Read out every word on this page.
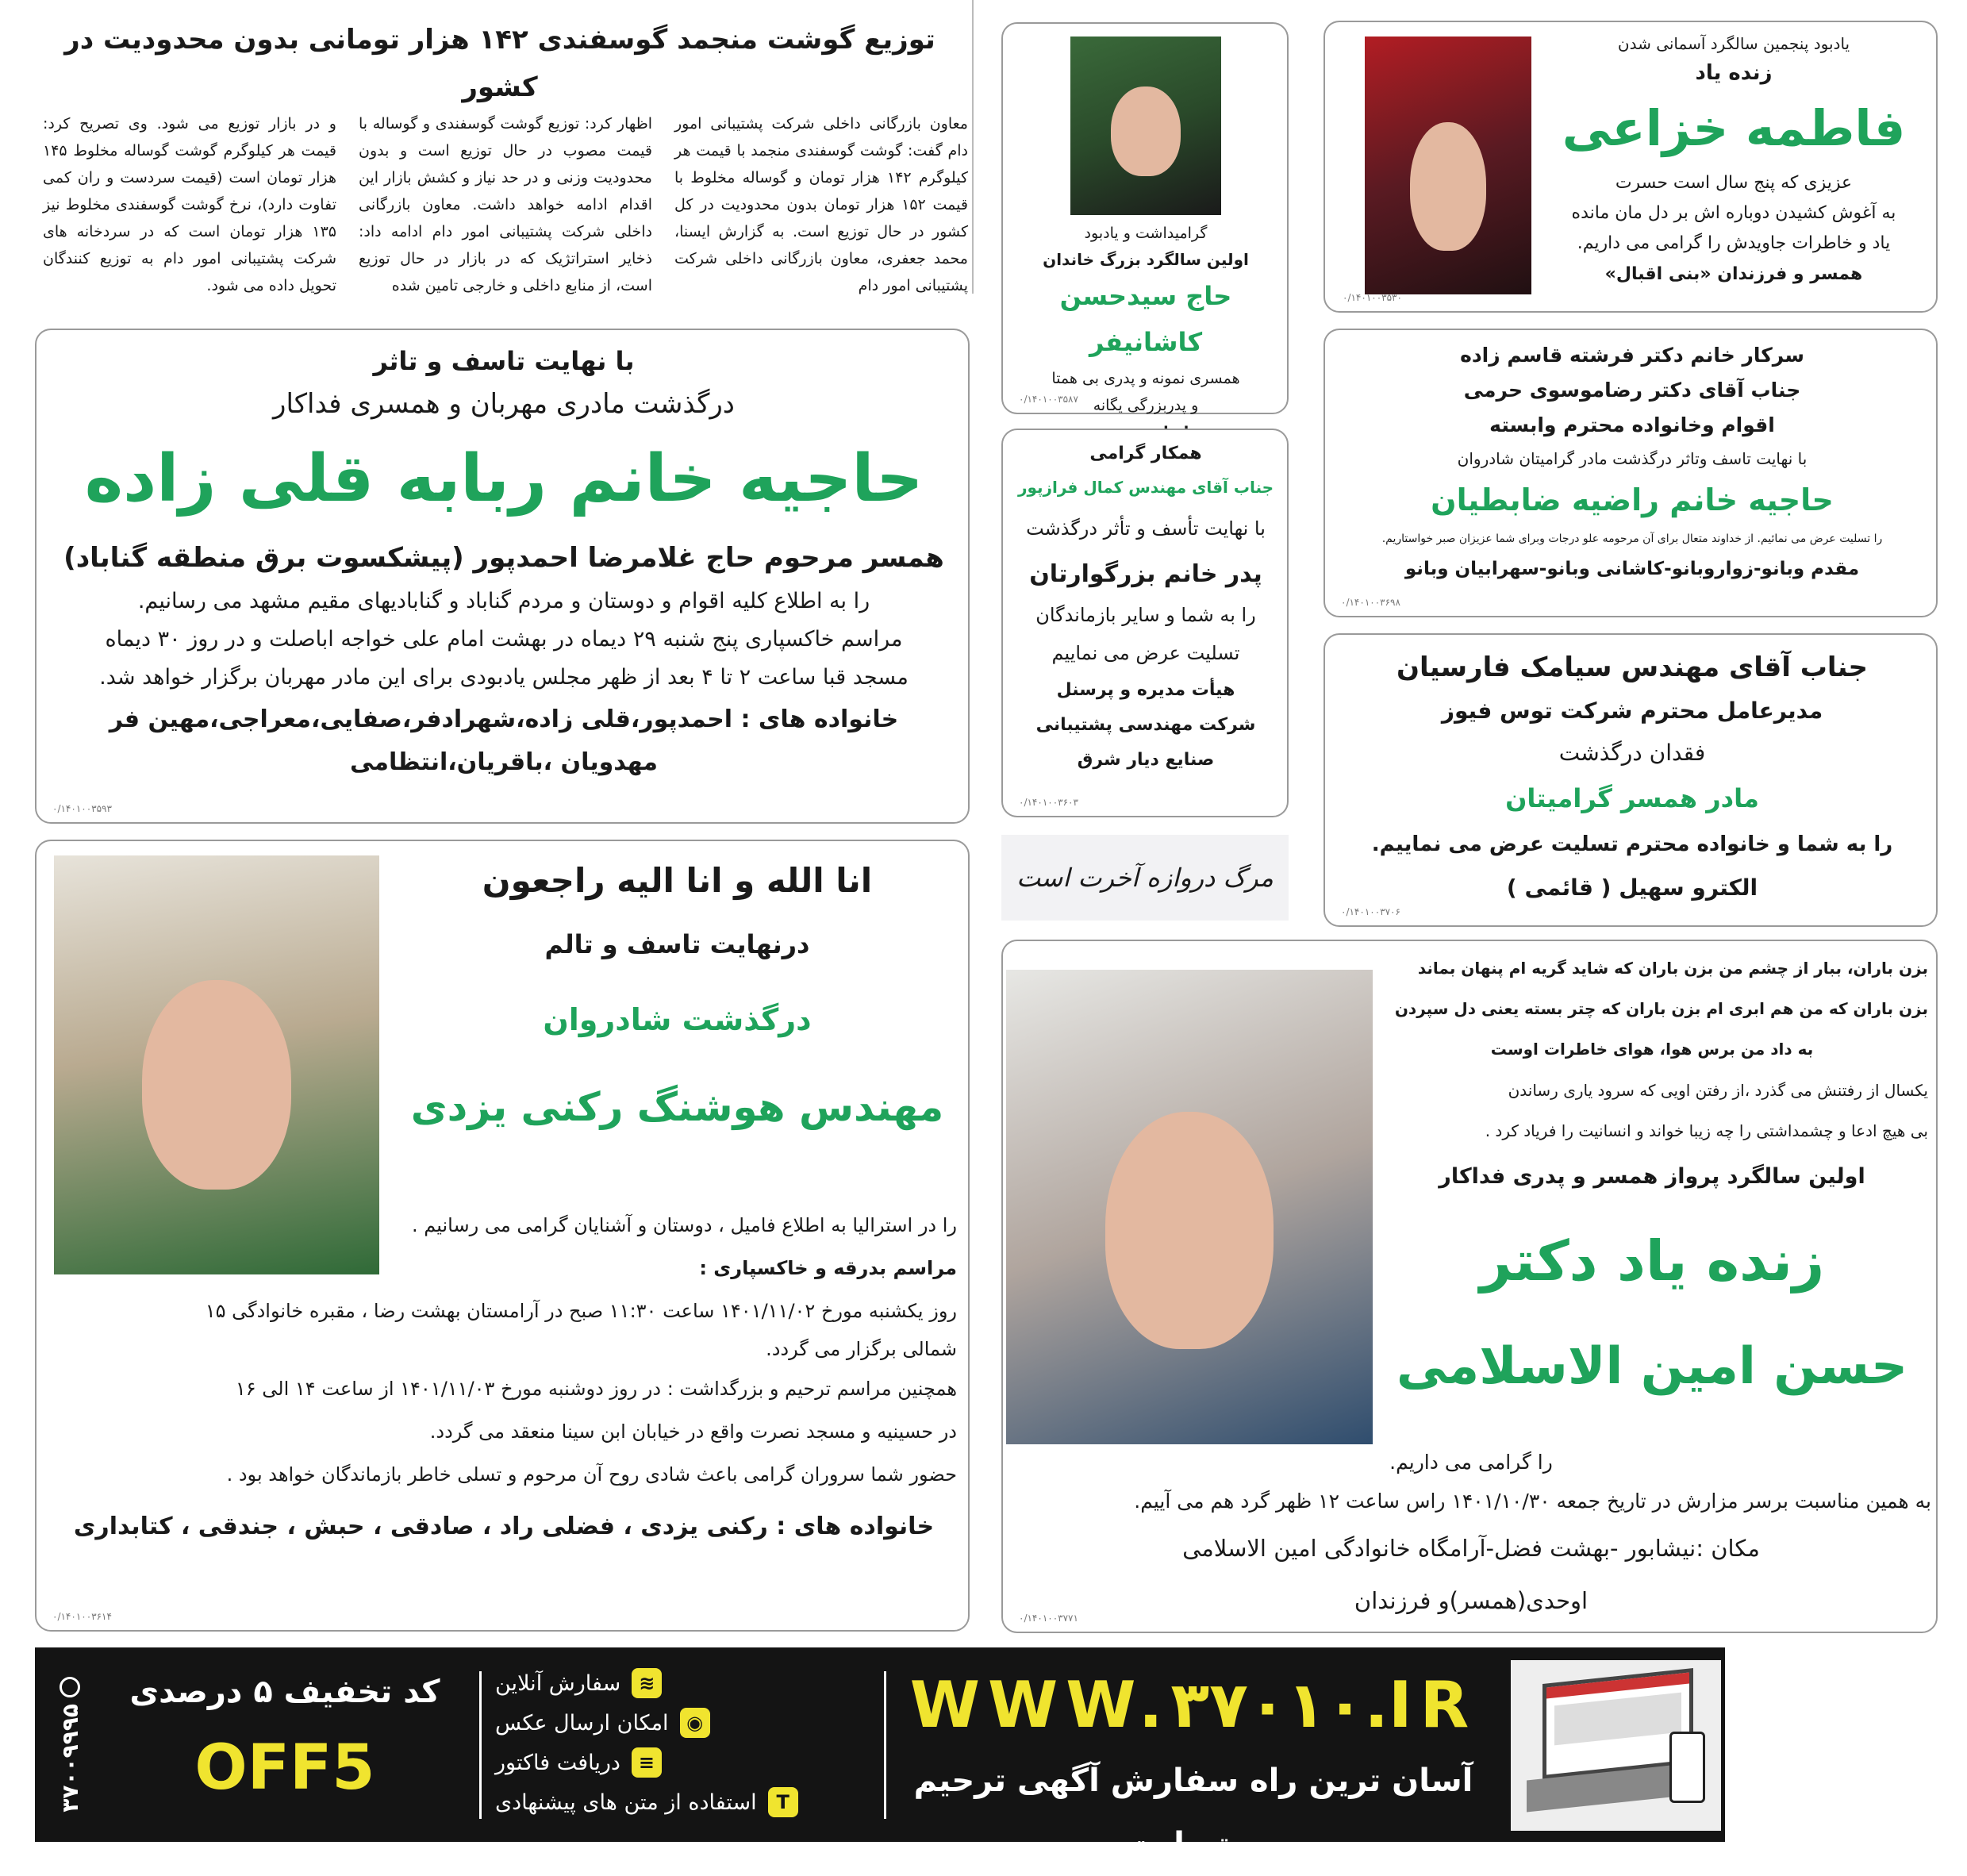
توزیع گوشت منجمد گوسفندی ۱۴۲ هزار تومانی بدون محدودیت در کشور

معاون بازرگانی داخلی شرکت پشتیبانی امور دام گفت: گوشت گوسفندی منجمد با قیمت هر کیلوگرم ۱۴۲ هزار تومان و گوساله مخلوط با قیمت ۱۵۲ هزار تومان بدون محدودیت در کل کشور در حال توزیع است. به گزارش ایسنا، محمد جعفری، معاون بازرگانی داخلی شرکت پشتیبانی امور دام

اظهار کرد: توزیع گوشت گوسفندی و گوساله با قیمت مصوب در حال توزیع است و بدون محدودیت وزنی و در حد نیاز و کشش بازار این اقدام ادامه خواهد داشت. معاون بازرگانی داخلی شرکت پشتیبانی امور دام ادامه داد: ذخایر استراتژیک که در بازار در حال توزیع است، از منابع داخلی و خارجی تامین شده

و در بازار توزیع می شود. وی تصریح کرد: قیمت هر کیلوگرم گوشت گوساله مخلوط ۱۴۵ هزار تومان است (قیمت سردست و ران کمی تفاوت دارد)، نرخ گوشت گوسفندی مخلوط نیز ۱۳۵ هزار تومان است که در سردخانه های شرکت پشتیبانی امور دام به توزیع کنندگان تحویل داده می شود.

یادبود پنجمین سالگرد آسمانی شدن
زنده یاد
فاطمه خزاعی
عزیزی که پنج سال است حسرت
به آغوش کشیدن دوباره اش بر دل مان مانده
یاد و خاطرات جاویدش را گرامی می داریم.
همسر و فرزندان «بنی اقبال»
۰/۱۴۰۱۰۰۳۵۳۰
گرامیداشت و یادبود
اولین سالگرد بزرگ خاندان
حاج سیدحسن کاشانیفر
همسری نمونه و پدری بی همتا
و پدربزرگی یگانه
۰/۱۴۰۱۰۰۳۵۸۷
با نهایت تاسف و تاثر
درگذشت مادری مهربان و همسری فداکار
حاجیه خانم ربابه قلی زاده
همسر مرحوم حاج غلامرضا احمدپور (پیشکسوت برق منطقه گناباد)
را به اطلاع کلیه اقوام و دوستان و مردم گناباد و گنابادیهای مقیم مشهد می رسانیم.
مراسم خاکسپاری پنج شنبه ۲۹ دیماه در بهشت امام علی خواجه اباصلت و در روز ۳۰ دیماه
مسجد قبا ساعت ۲ تا ۴ بعد از ظهر مجلس یادبودی برای این مادر مهربان برگزار خواهد شد.
خانواده های : احمدپور،قلی زاده،شهرادفر،صفایی،معراجی،مهین فر
مهدویان ،باقریان،انتظامی
۰/۱۴۰۱۰۰۳۵۹۳
سرکار خانم دکتر فرشته قاسم زاده
جناب آقای دکتر رضاموسوی حرمی
اقوام وخانواده محترم وابسته
با نهایت تاسف وتاثر درگذشت مادر گرامیتان شادروان
حاجیه خانم راضیه ضابطیان
را تسلیت عرض می نمائیم. از خداوند متعال برای آن مرحومه علو درجات وبرای شما عزیزان صبر خواستاریم.
مقدم وبانو-زواروبانو-کاشانی وبانو-سهرابیان وبانو
۰/۱۴۰۱۰۰۳۶۹۸
همکار گرامی
جناب آقای مهندس کمال فرازپور
با نهایت تأسف و تأثر درگذشت
پدر خانم بزرگوارتان
را به شما و سایر بازماندگان
تسلیت عرض می نماییم
هیأت مدیره و پرسنل
شرکت مهندسی پشتیبانی
صنایع دیار شرق
۰/۱۴۰۱۰۰۳۶۰۳
مرگ دروازه آخرت است
جناب آقای مهندس سیامک فارسیان
مدیرعامل محترم شرکت توس فیوز
فقدان درگذشت
مادر همسر گرامیتان
را به شما و خانواده محترم تسلیت عرض می نماییم.
الکترو سهیل ( قائمی )
۰/۱۴۰۱۰۰۳۷۰۶
انا الله و انا الیه راجعون
درنهایت تاسف و تالم
درگذشت شادروان
مهندس هوشنگ رکنی یزدی
را در استرالیا به اطلاع فامیل ، دوستان و آشنایان گرامی می رسانیم .
مراسم بدرقه و خاکسپاری :
روز یکشنبه مورخ ۱۴۰۱/۱۱/۰۲ ساعت ۱۱:۳۰ صبح در آرامستان بهشت رضا ، مقبره خانوادگی ۱۵
شمالی برگزار می گردد.
همچنین مراسم ترحیم و بزرگداشت : در روز دوشنبه مورخ ۱۴۰۱/۱۱/۰۳ از ساعت ۱۴ الی ۱۶
در حسینیه و مسجد نصرت واقع در خیابان ابن سینا منعقد می گردد.
حضور شما سروران گرامی باعث شادی روح آن مرحوم و تسلی خاطر بازماندگان خواهد بود .
خانواده های : رکنی یزدی ، فضلی راد ، صادقی ، حبش ، جندقی ، کتابداری
۰/۱۴۰۱۰۰۳۶۱۴
بزن باران، ببار از چشم من بزن باران که شاید گریه ام پنهان بماند
بزن باران که من هم ابری ام بزن باران که چتر بسته یعنی دل سپردن
به داد من برس هوا، هوای خاطرات اوست
یکسال از رفتنش می گذرد ،از رفتن اویی که سرود یاری رساندن
بی هیچ ادعا و چشمداشتی را چه زیبا خواند و انسانیت را فریاد کرد .
اولین سالگرد پرواز همسر و پدری فداکار
زنده یاد دکتر
حسن امین الاسلامی
را گرامی می داریم.
به همین مناسبت برسر مزارش در تاریخ جمعه ۱۴۰۱/۱۰/۳۰ راس ساعت ۱۲ ظهر گرد هم می آییم.
مکان :نیشابور -بهشت فضل-آرامگاه خانوادگی امین الاسلامی
اوحدی(همسر)و فرزندان
۰/۱۴۰۱۰۰۳۷۷۱
۳۷۰۰۹۹۹۵
کد تخفیف ۵ درصدی
OFF5
≋
سفارش آنلاین
◉
امکان ارسال عکس
≡
دریافت فاکتور
T
استفاده از متن های پیشنهادی
WWW.۳۷۰۱۰.IR
آسان ترین راه سفارش آگهی ترحیم و تسلیت
